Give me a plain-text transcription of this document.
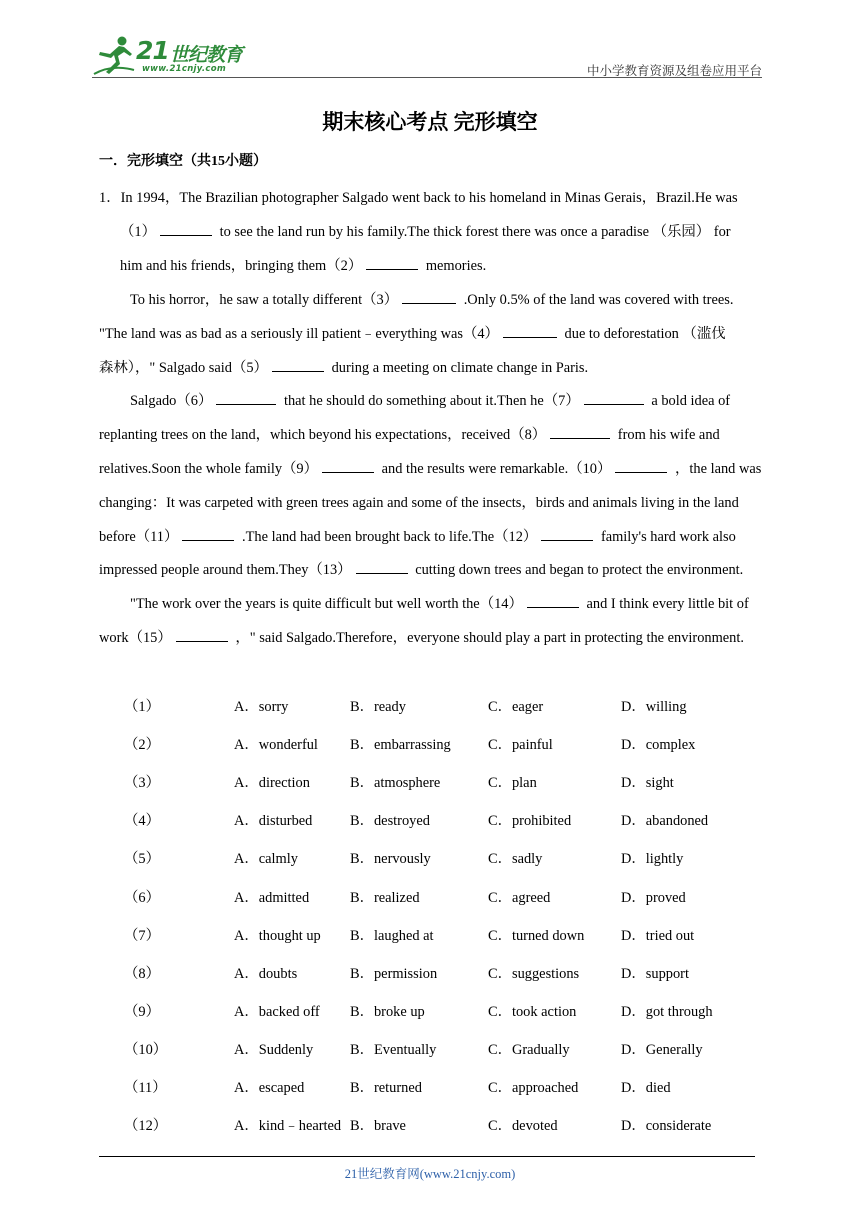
21 世纪教育
www.21cnjy.com	中小学教育资源及组卷应用平台
期末核心考点 完形填空
一．完形填空（共15小题）
1．In 1994，The Brazilian photographer Salgado went back to his homeland in Minas Gerais，Brazil.He was
（1）	to see the land run by his family.The thick forest there was once a paradise （乐园） for
him and his friends，bringing them（2）	memories.
To his horror，he saw a totally different（3）	.Only 0.5% of the land was covered with trees.
"The land was as bad as a seriously ill patient﹣everything was（4）	due to deforestation （滥伐
森林），" Salgado said（5）	during a meeting on climate change in Paris.
Salgado（6）	that he should do something about it.Then he（7）	a bold idea of
replanting trees on the land，which beyond his expectations，received（8）	from his wife and
relatives.Soon the whole family（9）	and the results were remarkable.（10）	，the land was
changing：It was carpeted with green trees again and some of the insects，birds and animals living in the land
before（11）	.The land had been brought back to life.The（12）	family's hard work also
impressed people around them.They（13）	cutting down trees and began to protect the environment.
"The work over the years is quite difficult but well worth the（14）	and I think every little bit of
work（15）	，" said Salgado.Therefore，everyone should play a part in protecting the environment.
（1）	A．sorry	B．ready	C．eager	D．willing
（2）	A．wonderful B．embarrassing	C．painful	D．complex
（3）	A．direction	B．atmosphere	C．plan	D．sight
（4）	A．disturbed	B．destroyed	C．prohibited	D．abandoned
（5）	A．calmly	B．nervously	C．sadly	D．lightly
（6）	A．admitted	B．realized	C．agreed	D．proved
（7）	A．thought up B．laughed at	C．turned down	D．tried out
（8）	A．doubts	B．permission	C．suggestions	D．support
（9）	A．backed off B．broke up	C．took action	D．got through
（10）	A．Suddenly	B．Eventually	C．Gradually	D．Generally
（11）	A．escaped	B．returned	C．approached	D．died
（12）	A．kind﹣hearted B．brave	C．devoted	D．considerate
21世纪教育网(www.21cnjy.com)
